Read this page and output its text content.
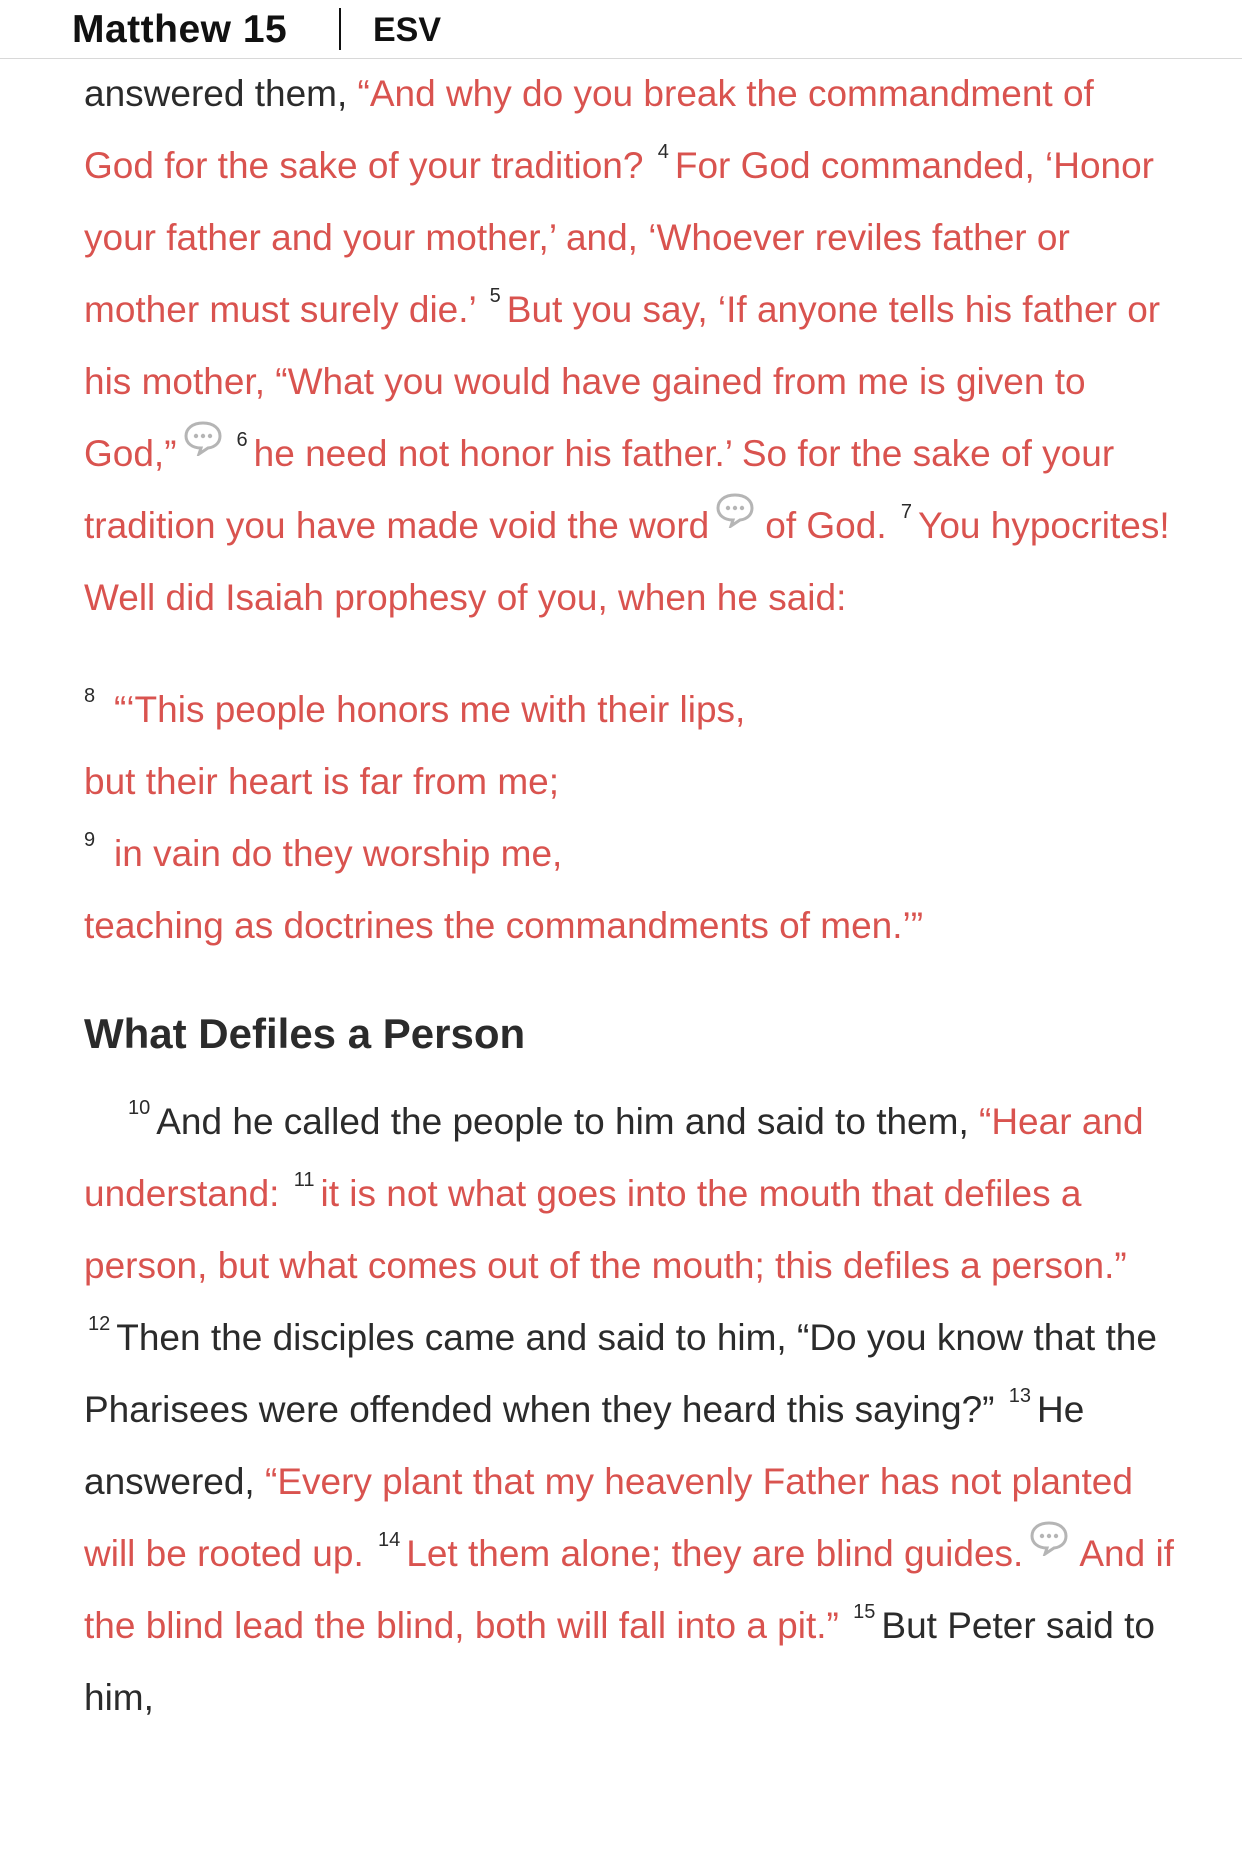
Matthew 15	ESV

answered them, “And why do you break the commandment of God for the sake of your tradition? $^4$ For God commanded, ‘Honor your father and your mother,’ and, ‘Whoever reviles father or mother must surely die.’ $^5$ But you say, ‘If anyone tells his father or his mother, “What you would have gained from me is given to God,”	$^6$ he need not honor his father.’ So for the sake of your tradition you have made void the word of God. $^7$ You hypocrites! Well did Isaiah prophesy of you, when he said:

8 “‘This people honors me with their lips,
but their heart is far from me;
9 in vain do they worship me,
teaching as doctrines the commandments of men.’”
What Defiles a Person

$^{10}$ And he called the people to him and said to them, “Hear and understand: $^{11}$ it is not what goes into the mouth that defiles a person, but what comes out of the mouth; this defiles a person.” $^{12}$ Then the disciples came and said to him, “Do you know that the Pharisees were offended when they heard this saying?” $^{13}$ He answered, “Every plant that my heavenly Father has not planted will be rooted up. $^{14}$ Let them alone; they are blind guides. And if the blind lead the blind, both will fall into a pit.” $^{15}$ But Peter said to him,
